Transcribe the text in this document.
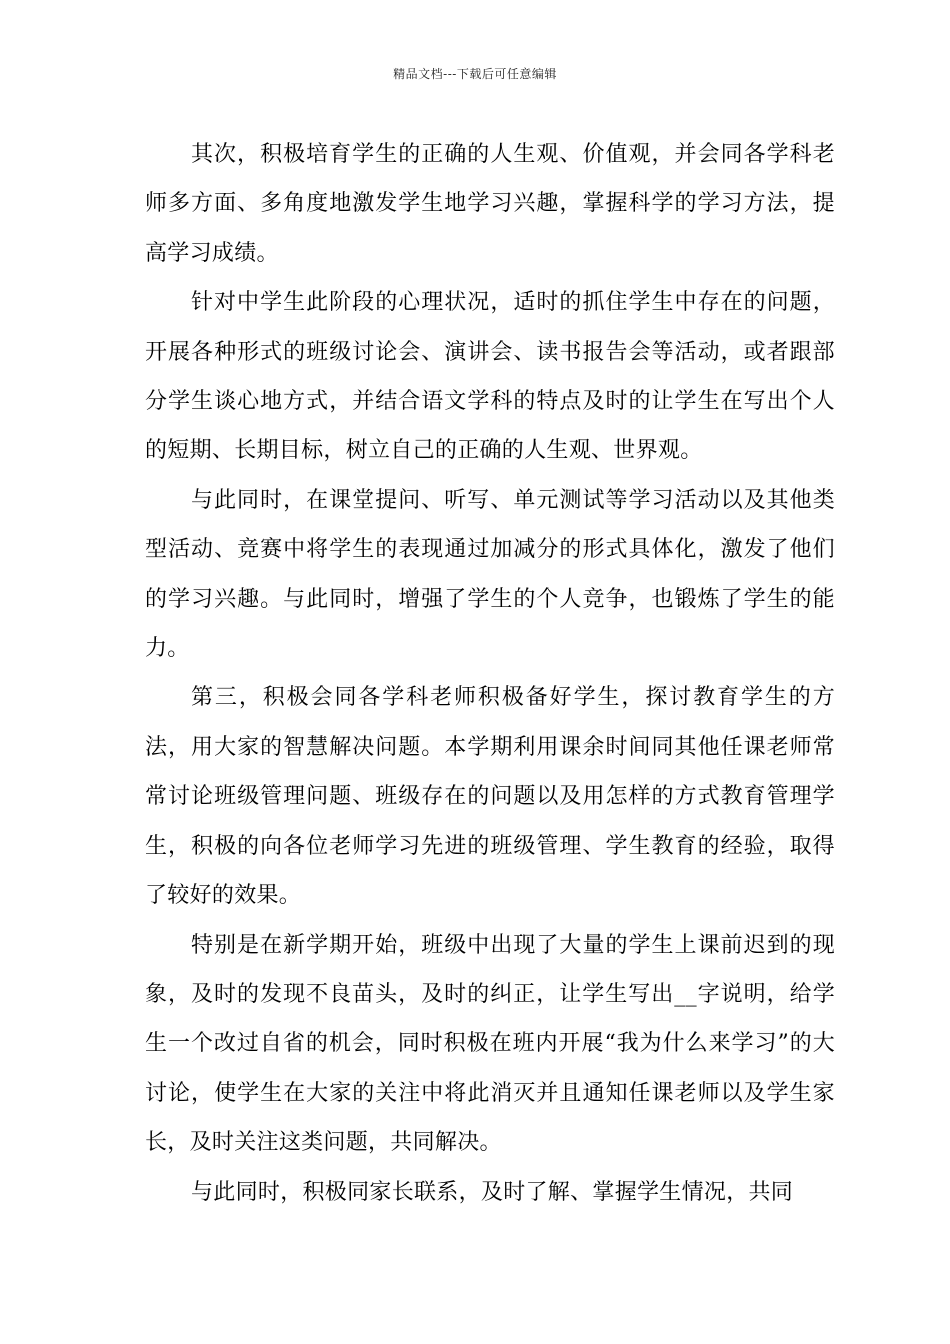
精品文档---下载后可任意编辑

其次，积极培育学生的正确的人生观、价值观，并会同各学科老师多方面、多角度地激发学生地学习兴趣，掌握科学的学习方法，提高学习成绩。

针对中学生此阶段的心理状况，适时的抓住学生中存在的问题，开展各种形式的班级讨论会、演讲会、读书报告会等活动，或者跟部分学生谈心地方式，并结合语文学科的特点及时的让学生在写出个人的短期、长期目标，树立自己的正确的人生观、世界观。

与此同时，在课堂提问、听写、单元测试等学习活动以及其他类型活动、竞赛中将学生的表现通过加减分的形式具体化，激发了他们的学习兴趣。与此同时，增强了学生的个人竞争，也锻炼了学生的能力。

第三，积极会同各学科老师积极备好学生，探讨教育学生的方法，用大家的智慧解决问题。本学期利用课余时间同其他任课老师常常讨论班级管理问题、班级存在的问题以及用怎样的方式教育管理学生，积极的向各位老师学习先进的班级管理、学生教育的经验，取得了较好的效果。

特别是在新学期开始，班级中出现了大量的学生上课前迟到的现象，及时的发现不良苗头，及时的纠正，让学生写出__字说明，给学生一个改过自省的机会，同时积极在班内开展“我为什么来学习”的大讨论，使学生在大家的关注中将此消灭并且通知任课老师以及学生家长，及时关注这类问题，共同解决。

与此同时，积极同家长联系，及时了解、掌握学生情况，共同
